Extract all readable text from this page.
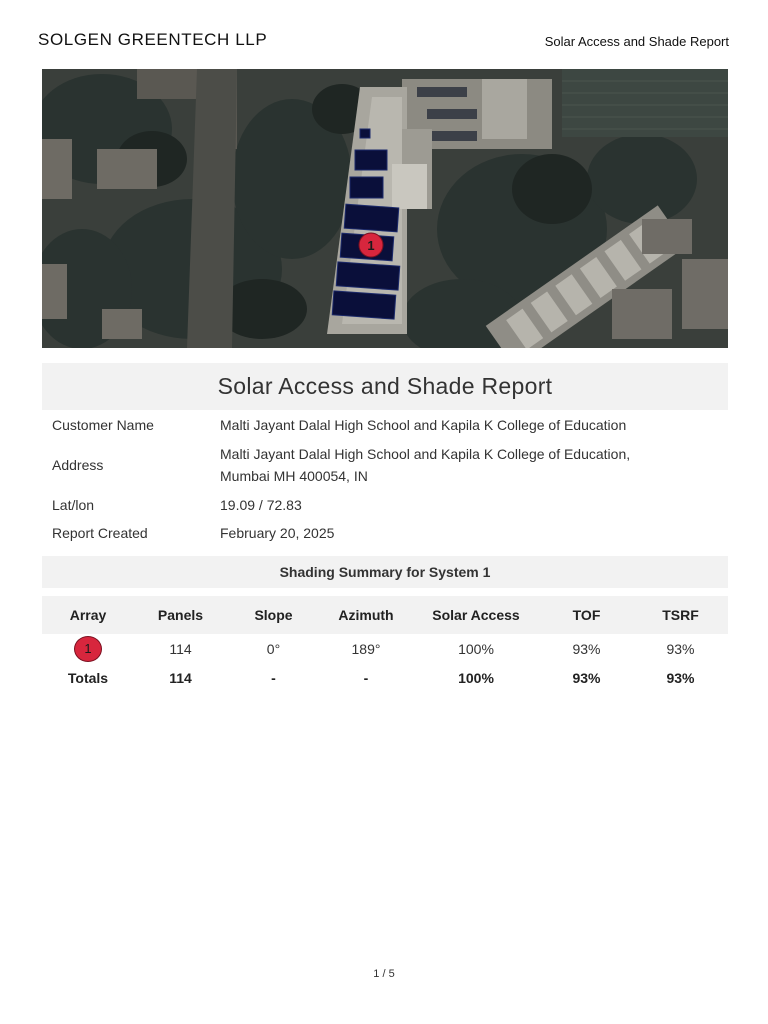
SOLGEN GREENTECH LLP	Solar Access and Shade Report
1
Solar Access and Shade Report
Customer Name	Malti Jayant Dalal High School and Kapila K College of Education
Address
Malti Jayant Dalal High School and Kapila K College of Education,
Mumbai MH 400054, IN
Lat/lon	19.09 / 72.83
Report Created	February 20, 2025
Shading Summary for System 1
Array	Panels	Slope	Azimuth	Solar Access	TOF	TSRF
1	114	0°	189°	100%	93%	93%
Totals	114	-	-	100%	93%	93%
1 / 5
